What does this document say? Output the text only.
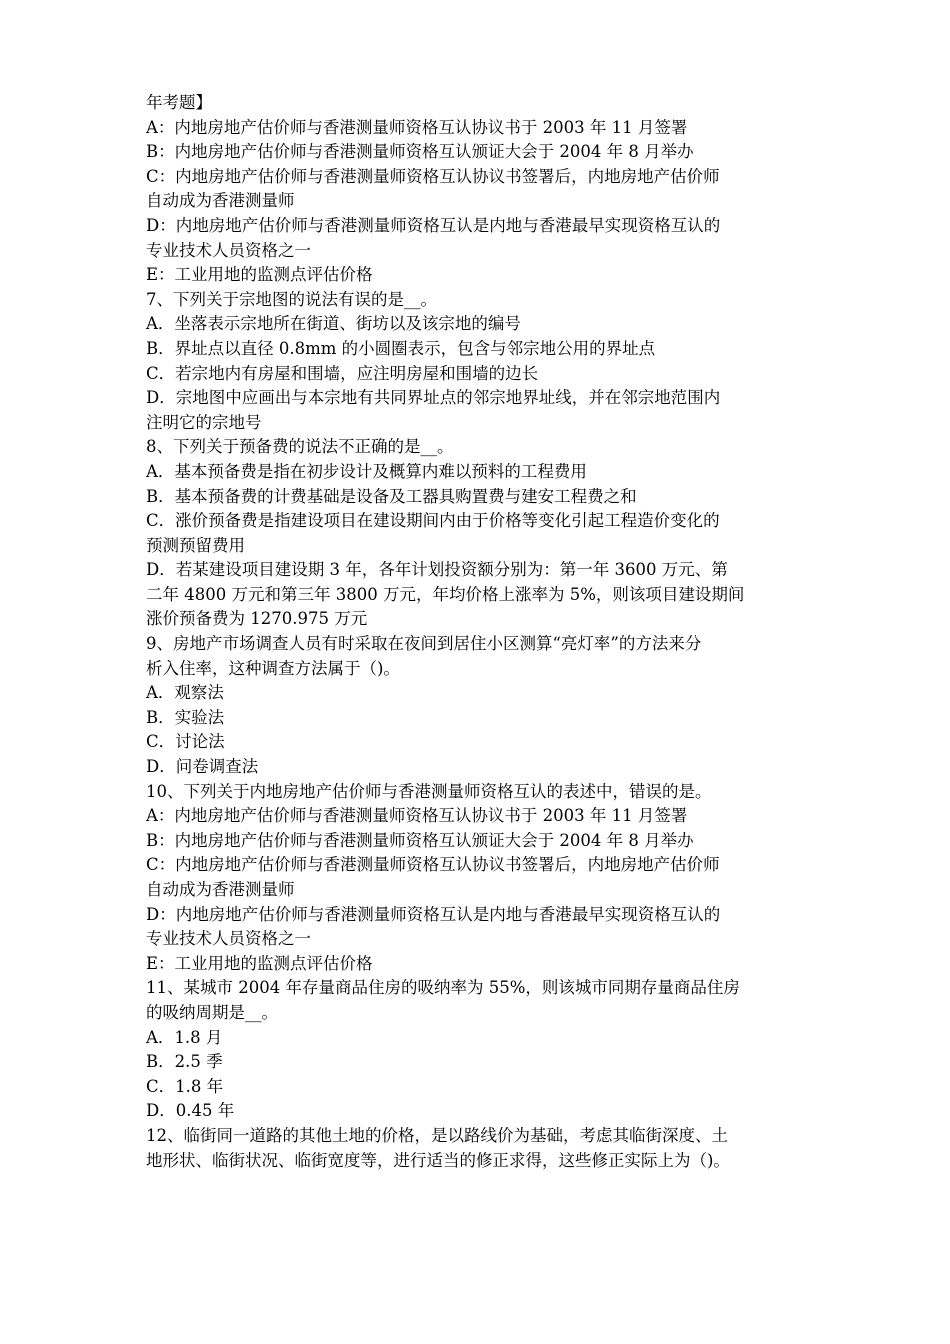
年考题】
A：内地房地产估价师与香港测量师资格互认协议书于 2003 年 11 月签署
B：内地房地产估价师与香港测量师资格互认颁证大会于 2004 年 8 月举办
C：内地房地产估价师与香港测量师资格互认协议书签署后，内地房地产估价师
自动成为香港测量师
D：内地房地产估价师与香港测量师资格互认是内地与香港最早实现资格互认的
专业技术人员资格之一
E：工业用地的监测点评估价格
7、下列关于宗地图的说法有误的是__。
A．坐落表示宗地所在街道、街坊以及该宗地的编号
B．界址点以直径 0.8mm 的小圆圈表示，包含与邻宗地公用的界址点
C．若宗地内有房屋和围墙，应注明房屋和围墙的边长
D．宗地图中应画出与本宗地有共同界址点的邻宗地界址线，并在邻宗地范围内
注明它的宗地号
8、下列关于预备费的说法不正确的是__。
A．基本预备费是指在初步设计及概算内难以预料的工程费用
B．基本预备费的计费基础是设备及工器具购置费与建安工程费之和
C．涨价预备费是指建设项目在建设期间内由于价格等变化引起工程造价变化的
预测预留费用
D．若某建设项目建设期 3 年，各年计划投资额分别为：第一年 3600 万元、第
二年 4800 万元和第三年 3800 万元，年均价格上涨率为 5%，则该项目建设期间
涨价预备费为 1270.975 万元
9、房地产市场调查人员有时采取在夜间到居住小区测算“亮灯率”的方法来分
析入住率，这种调查方法属于（)。
A．观察法
B．实验法
C．讨论法
D．问卷调查法
10、下列关于内地房地产估价师与香港测量师资格互认的表述中，错误的是。
A：内地房地产估价师与香港测量师资格互认协议书于 2003 年 11 月签署
B：内地房地产估价师与香港测量师资格互认颁证大会于 2004 年 8 月举办
C：内地房地产估价师与香港测量师资格互认协议书签署后，内地房地产估价师
自动成为香港测量师
D：内地房地产估价师与香港测量师资格互认是内地与香港最早实现资格互认的
专业技术人员资格之一
E：工业用地的监测点评估价格
11、某城市 2004 年存量商品住房的吸纳率为 55%，则该城市同期存量商品住房
的吸纳周期是__。
A．1.8 月
B．2.5 季
C．1.8 年
D．0.45 年
12、临街同一道路的其他土地的价格，是以路线价为基础，考虑其临街深度、土
地形状、临街状况、临街宽度等，进行适当的修正求得，这些修正实际上为（)。
